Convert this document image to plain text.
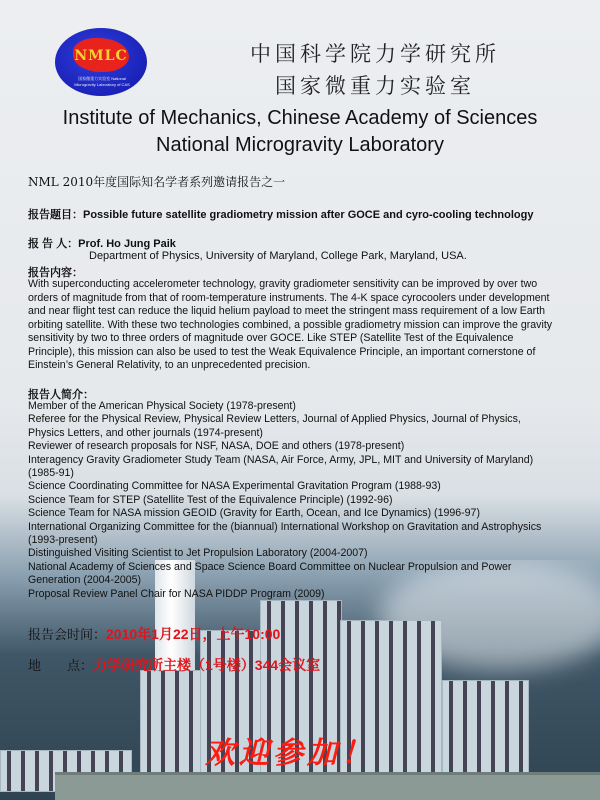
NMLC
国家微重力实验室 National Microgravity Laboratory of CAS
中国科学院力学研究所
国家微重力实验室
Institute of Mechanics, Chinese Academy of Sciences
National Microgravity Laboratory
NML 2010年度国际知名学者系列邀请报告之一
报告题目：Possible future satellite gradiometry mission after GOCE and cyro-cooling technology
报 告 人：Prof. Ho Jung Paik
Department of Physics, University of Maryland, College Park, Maryland, USA.
报告内容：
With superconducting accelerometer technology, gravity gradiometer sensitivity can be improved by over two
orders of magnitude from that of room-temperature instruments. The 4-K space cyrocoolers under development
and near flight test can reduce the liquid helium payload to meet the stringent mass requirement of a low Earth
orbiting satellite. With these two technologies combined, a possible gradiometry mission can improve the gravity
sensitivity by two to three orders of magnitude over GOCE. Like STEP (Satellite Test of the Equivalence
Principle), this mission can also be used to test the Weak Equivalence Principle, an important cornerstone of
Einstein’s General Relativity, to an unprecedented precision.
报告人简介：
Member of the American Physical Society (1978-present)
Referee for the Physical Review, Physical Review Letters, Journal of Applied Physics, Journal of Physics,
Physics Letters, and other journals (1974-present)
Reviewer of research proposals for NSF, NASA, DOE and others (1978-present)
Interagency Gravity Gradiometer Study Team (NASA, Air Force, Army, JPL, MIT and University of Maryland)
(1985-91)
Science Coordinating Committee for NASA Experimental Gravitation Program (1988-93)
Science Team for STEP (Satellite Test of the Equivalence Principle) (1992-96)
Science Team for NASA mission GEOID (Gravity for Earth, Ocean, and Ice Dynamics) (1996-97)
International Organizing Committee for the (biannual) International Workshop on Gravitation and Astrophysics
(1993-present)
Distinguished Visiting Scientist to Jet Propulsion Laboratory (2004-2007)
National Academy of Sciences and Space Science Board Committee on Nuclear Propulsion and Power
Generation (2004-2005)
Proposal Review Panel Chair for NASA PIDDP Program (2009)
报告会时间：2010年1月22日，上午10:00
地　　点：力学研究所主楼（1号楼）344会议室
欢迎参加！
